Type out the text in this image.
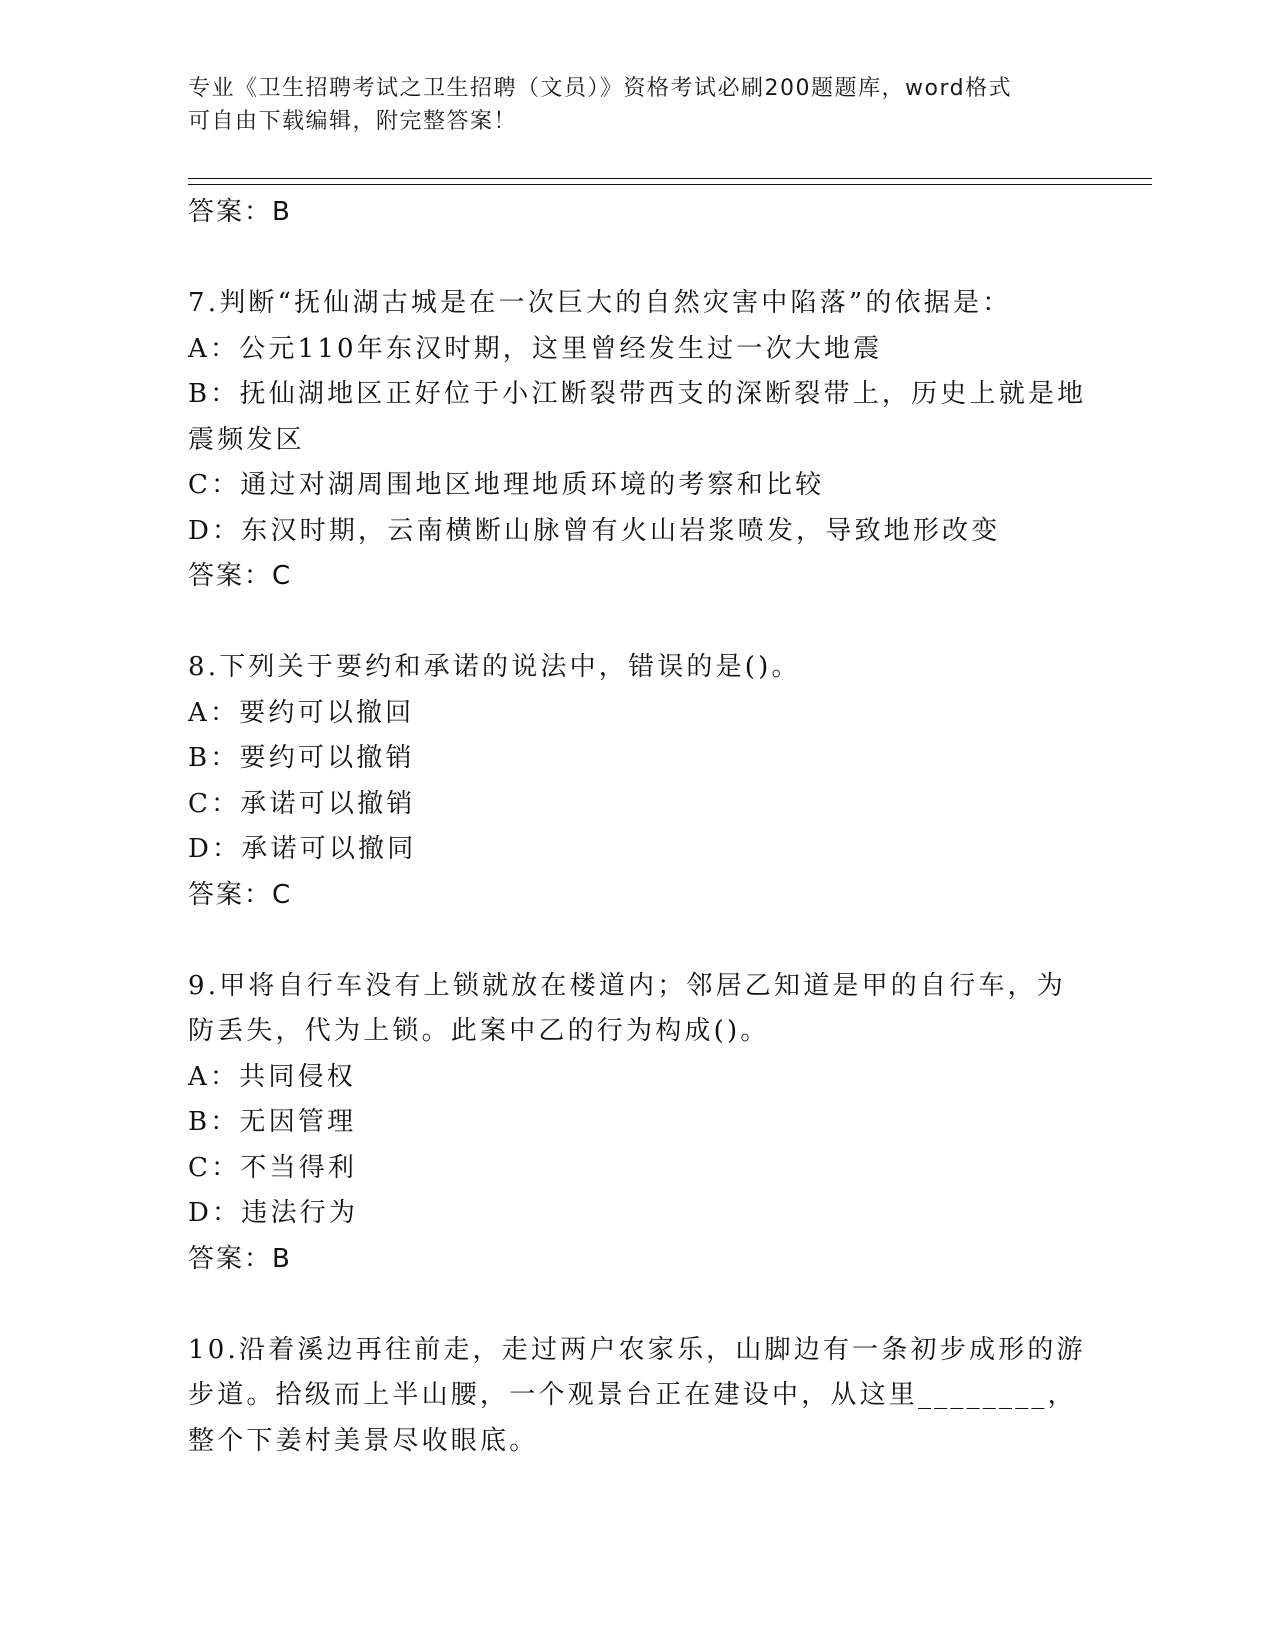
专业《卫生招聘考试之卫生招聘（文员）》资格考试必刷200题题库，word格式
可自由下载编辑，附完整答案！
答案：B
7.判断“抚仙湖古城是在一次巨大的自然灾害中陷落”的依据是：
A：公元110年东汉时期，这里曾经发生过一次大地震
B：抚仙湖地区正好位于小江断裂带西支的深断裂带上，历史上就是地
震频发区
C：通过对湖周围地区地理地质环境的考察和比较
D：东汉时期，云南横断山脉曾有火山岩浆喷发，导致地形改变
答案：C
8.下列关于要约和承诺的说法中，错误的是()。
A：要约可以撤回
B：要约可以撤销
C：承诺可以撤销
D：承诺可以撤同
答案：C
9.甲将自行车没有上锁就放在楼道内；邻居乙知道是甲的自行车，为
防丢失，代为上锁。此案中乙的行为构成()。
A：共同侵权
B：无因管理
C：不当得利
D：违法行为
答案：B
10.沿着溪边再往前走，走过两户农家乐，山脚边有一条初步成形的游
步道。拾级而上半山腰，一个观景台正在建设中，从这里________，
整个下姜村美景尽收眼底。
